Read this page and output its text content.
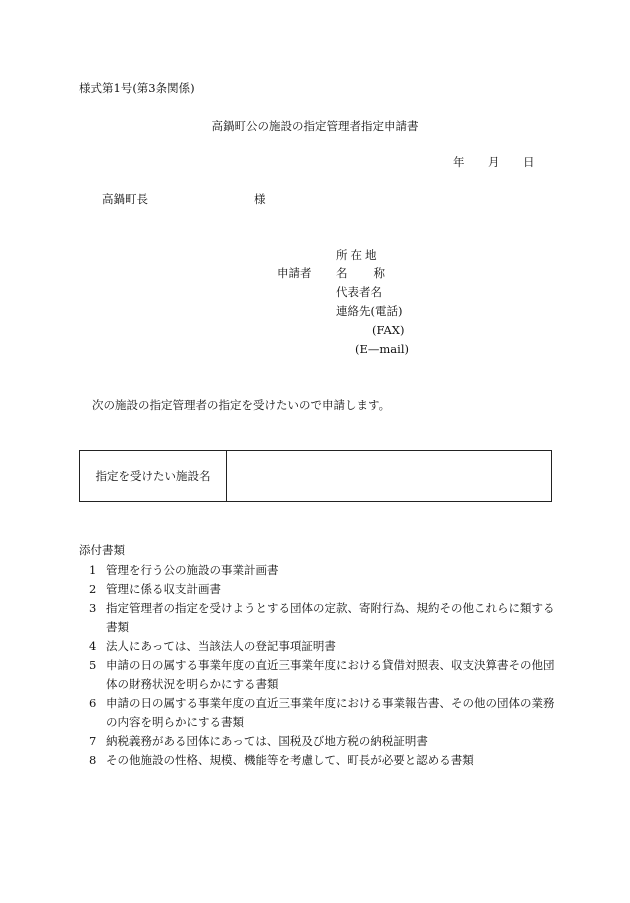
様式第1号(第3条関係)
高鍋町公の施設の指定管理者指定申請書
年 月 日
高鍋町長	様
申請者
所在地
名 称
代表者名
連絡先(電話)
(FAX)
(E—mail)
次の施設の指定管理者の指定を受けたいので申請します。
指定を受けたい施設名	
添付書類
1 管理を行う公の施設の事業計画書
2 管理に係る収支計画書
3 指定管理者の指定を受けようとする団体の定款、寄附行為、規約その他これらに類する書類
4 法人にあっては、当該法人の登記事項証明書
5 申請の日の属する事業年度の直近三事業年度における貸借対照表、収支決算書その他団体の財務状況を明らかにする書類
6 申請の日の属する事業年度の直近三事業年度における事業報告書、その他の団体の業務の内容を明らかにする書類
7 納税義務がある団体にあっては、国税及び地方税の納税証明書
8 その他施設の性格、規模、機能等を考慮して、町長が必要と認める書類
